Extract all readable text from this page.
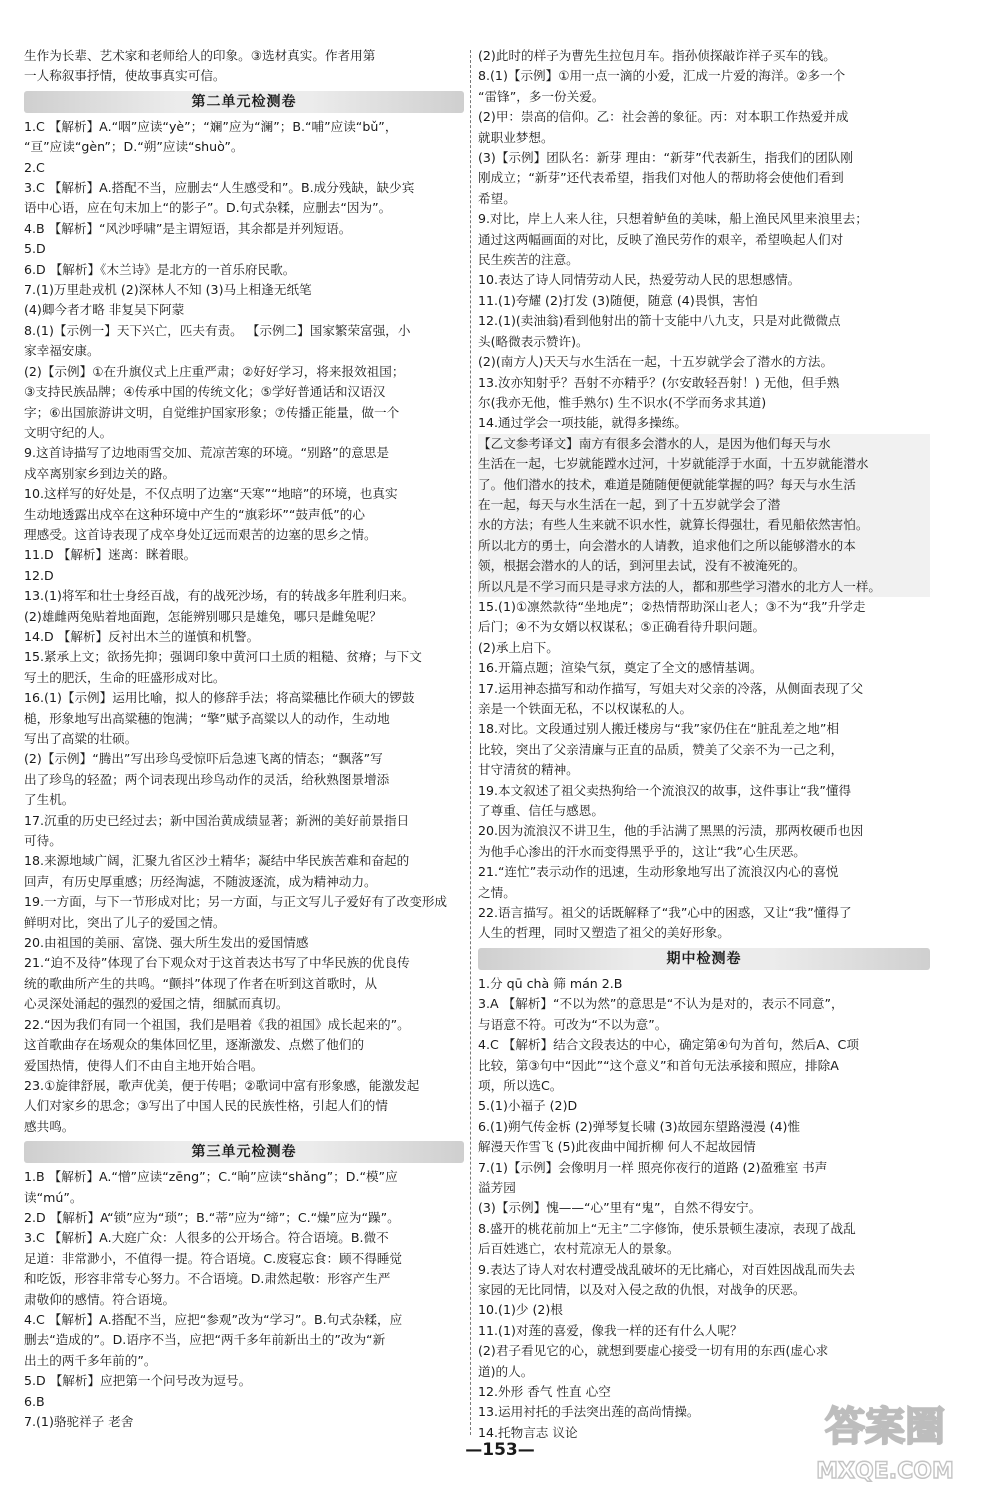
生作为长辈、艺术家和老师给人的印象。③选材真实。作者用第
一人称叙事抒情，使故事真实可信。
第二单元检测卷
1.C 【解析】A.“咽”应读“yè”；“斓”应为“澜”；B.“哺”应读“bǔ”，
“亘”应读“gèn”；D.“朔”应读“shuò”。
2.C
3.C 【解析】A.搭配不当，应删去“人生感受和”。B.成分残缺，缺少宾
语中心语，应在句末加上“的影子”。D.句式杂糅，应删去“因为”。
4.B 【解析】“风沙呼啸”是主谓短语，其余都是并列短语。
5.D
6.D 【解析】《木兰诗》是北方的一首乐府民歌。
7.(1)万里赴戎机 (2)深林人不知 (3)马上相逢无纸笔
(4)卿今者才略 非复吴下阿蒙
8.(1)【示例一】天下兴亡，匹夫有责。 【示例二】国家繁荣富强，小
家幸福安康。
(2)【示例】①在升旗仪式上庄重严肃；②好好学习，将来报效祖国；
③支持民族品牌；④传承中国的传统文化；⑤学好普通话和汉语汉
字；⑥出国旅游讲文明，自觉维护国家形象；⑦传播正能量，做一个
文明守纪的人。
9.这首诗描写了边地雨雪交加、荒凉苦寒的环境。“别路”的意思是
戍卒离别家乡到边关的路。
10.这样写的好处是，不仅点明了边塞“天寒”“地暗”的环境，也真实
生动地透露出戍卒在这种环境中产生的“旗彩坏”“鼓声低”的心
理感受。这首诗表现了戍卒身处辽远而艰苦的边塞的思乡之情。
11.D 【解析】迷离：眯着眼。
12.D
13.(1)将军和壮士身经百战，有的战死沙场，有的转战多年胜利归来。
(2)雄雌两兔贴着地面跑，怎能辨别哪只是雄兔，哪只是雌兔呢？
14.D 【解析】反衬出木兰的谨慎和机警。
15.紧承上文；欲扬先抑；强调印象中黄河口土质的粗糙、贫瘠；与下文
写土的肥沃，生命的旺盛形成对比。
16.(1)【示例】运用比喻，拟人的修辞手法；将高粱穗比作硕大的锣鼓
槌，形象地写出高粱穗的饱满；“擎”赋予高粱以人的动作，生动地
写出了高粱的壮硕。
(2)【示例】“腾出”写出珍鸟受惊吓后急速飞离的情态；“飘落”写
出了珍鸟的轻盈；两个词表现出珍鸟动作的灵活，给秋熟图景增添
了生机。
17.沉重的历史已经过去；新中国治黄成绩显著；新洲的美好前景指日
可待。
18.来源地域广阔，汇聚九省区沙土精华；凝结中华民族苦难和奋起的
回声，有历史厚重感；历经淘滤，不随波逐流，成为精神动力。
19.一方面，与下一节形成对比；另一方面，与正文写儿子爱好有了改变形成
鲜明对比，突出了儿子的爱国之情。
20.由祖国的美丽、富饶、强大所生发出的爱国情感
21.“迫不及待”体现了台下观众对于这首表达书写了中华民族的优良传
统的歌曲所产生的共鸣。“颤抖”体现了作者在听到这首歌时，从
心灵深处涌起的强烈的爱国之情，细腻而真切。
22.“因为我们有同一个祖国，我们是唱着《我的祖国》成长起来的”。
这首歌曲存在场观众的集体回忆里，逐渐激发、点燃了他们的
爱国热情，使得人们不由自主地开始合唱。
23.①旋律舒展，歌声优美，便于传唱；②歌词中富有形象感，能激发起
人们对家乡的思念；③写出了中国人民的民族性格，引起人们的情
感共鸣。
第三单元检测卷
1.B 【解析】A.“憎”应读“zēng”；C.“晌”应读“shǎng”；D.“模”应
读“mú”。
2.D 【解析】A“锁”应为“琐”；B.“蒂”应为“缔”；C.“燥”应为“躁”。
3.C 【解析】A.大庭广众：人很多的公开场合。符合语境。B.微不
足道：非常渺小，不值得一提。符合语境。C.废寝忘食：顾不得睡觉
和吃饭，形容非常专心努力。不合语境。D.肃然起敬：形容产生严
肃敬仰的感情。符合语境。
4.C 【解析】A.搭配不当，应把“参观”改为“学习”。B.句式杂糅，应
删去“造成的”。D.语序不当，应把“两千多年前新出土的”改为“新
出土的两千多年前的”。
5.D 【解析】应把第一个问号改为逗号。
6.B
7.(1)骆驼祥子 老舍
(2)此时的样子为曹先生拉包月车。指孙侦探敲诈祥子买车的钱。
8.(1)【示例】①用一点一滴的小爱，汇成一片爱的海洋。②多一个
“雷锋”，多一份关爱。
(2)甲：崇高的信仰。乙：社会善的象征。丙：对本职工作热爱并成
就职业梦想。
(3)【示例】团队名：新芽 理由：“新芽”代表新生，指我们的团队刚
刚成立；“新芽”还代表希望，指我们对他人的帮助将会使他们看到
希望。
9.对比，岸上人来人往，只想着鲈鱼的美味，船上渔民风里来浪里去；
通过这两幅画面的对比，反映了渔民劳作的艰辛，希望唤起人们对
民生疾苦的注意。
10.表达了诗人同情劳动人民，热爱劳动人民的思想感情。
11.(1)夸耀 (2)打发 (3)随便，随意 (4)畏惧，害怕
12.(1)(卖油翁)看到他射出的箭十支能中八九支，只是对此微微点
头(略微表示赞许)。
(2)(南方人)天天与水生活在一起，十五岁就学会了潜水的方法。
13.汝亦知射乎？吾射不亦精乎？(尔安敢轻吾射！) 无他，但手熟
尔(我亦无他，惟手熟尔) 生不识水(不学而务求其道)
14.通过学会一项技能，就得多操练。
【乙文参考译文】南方有很多会潜水的人，是因为他们每天与水
生活在一起，七岁就能蹚水过河，十岁就能浮于水面，十五岁就能潜水
了。他们潜水的技术，难道是随随便便就能掌握的吗？每天与水生活
在一起，每天与水生活在一起，到了十五岁就学会了潜
水的方法；有些人生来就不识水性，就算长得强壮，看见船依然害怕。
所以北方的勇士，向会潜水的人请教，追求他们之所以能够潜水的本
领，根据会潜水的人的话，到河里去试，没有不被淹死的。
所以凡是不学习而只是寻求方法的人，都和那些学习潜水的北方人一样。
15.(1)①凛然款待“坐地虎”；②热情帮助深山老人；③不为“我”升学走
后门；④不为女婿以权谋私；⑤正确看待升职问题。
(2)承上启下。
16.开篇点题；渲染气氛，奠定了全文的感情基调。
17.运用神态描写和动作描写，写姐夫对父亲的冷落，从侧面表现了父
亲是一个铁面无私，不以权谋私的人。
18.对比。文段通过别人搬迁楼房与“我”家仍住在“脏乱差之地”相
比较，突出了父亲清廉与正直的品质，赞美了父亲不为一己之利，
甘守清贫的精神。
19.本文叙述了祖父卖热狗给一个流浪汉的故事，这件事让“我”懂得
了尊重、信任与感恩。
20.因为流浪汉不讲卫生，他的手沾满了黑黑的污渍，那两枚硬币也因
为他手心渗出的汗水而变得黑乎乎的，这让“我”心生厌恶。
21.“连忙”表示动作的迅速，生动形象地写出了流浪汉内心的喜悦
之情。
22.语言描写。祖父的话既解释了“我”心中的困惑，又让“我”懂得了
人生的哲理，同时又塑造了祖父的美好形象。
期中检测卷
1.分 qū chà 筛 mán 2.B
3.A 【解析】“不以为然”的意思是“不认为是对的，表示不同意”，
与语意不符。可改为“不以为意”。
4.C 【解析】结合文段表达的中心，确定第④句为首句，然后A、C项
比较，第③句中“因此”“这个意义”和首句无法承接和照应，排除A
项，所以选C。
5.(1)小福子 (2)D
6.(1)朔气传金柝 (2)弹琴复长啸 (3)故园东望路漫漫 (4)惟
解漫天作雪飞 (5)此夜曲中闻折柳 何人不起故园情
7.(1)【示例】会像明月一样 照亮你夜行的道路 (2)盈雅室 书声
溢芳园
(3)【示例】愧——“心”里有“鬼”，自然不得安宁。
8.盛开的桃花前加上“无主”二字修饰，使乐景顿生凄凉，表现了战乱
后百姓逃亡，农村荒凉无人的景象。
9.表达了诗人对农村遭受战乱破坏的无比痛心，对百姓因战乱而失去
家园的无比同情，以及对入侵之敌的仇恨，对战争的厌恶。
10.(1)少 (2)根
11.(1)对莲的喜爱，像我一样的还有什么人呢？
(2)君子看见它的心，就想到要虚心接受一切有用的东西(虚心求
道)的人。
12.外形 香气 性直 心空
13.运用衬托的手法突出莲的高尚情操。
14.托物言志 议论
—153—	答案圈
MXQE.COM
